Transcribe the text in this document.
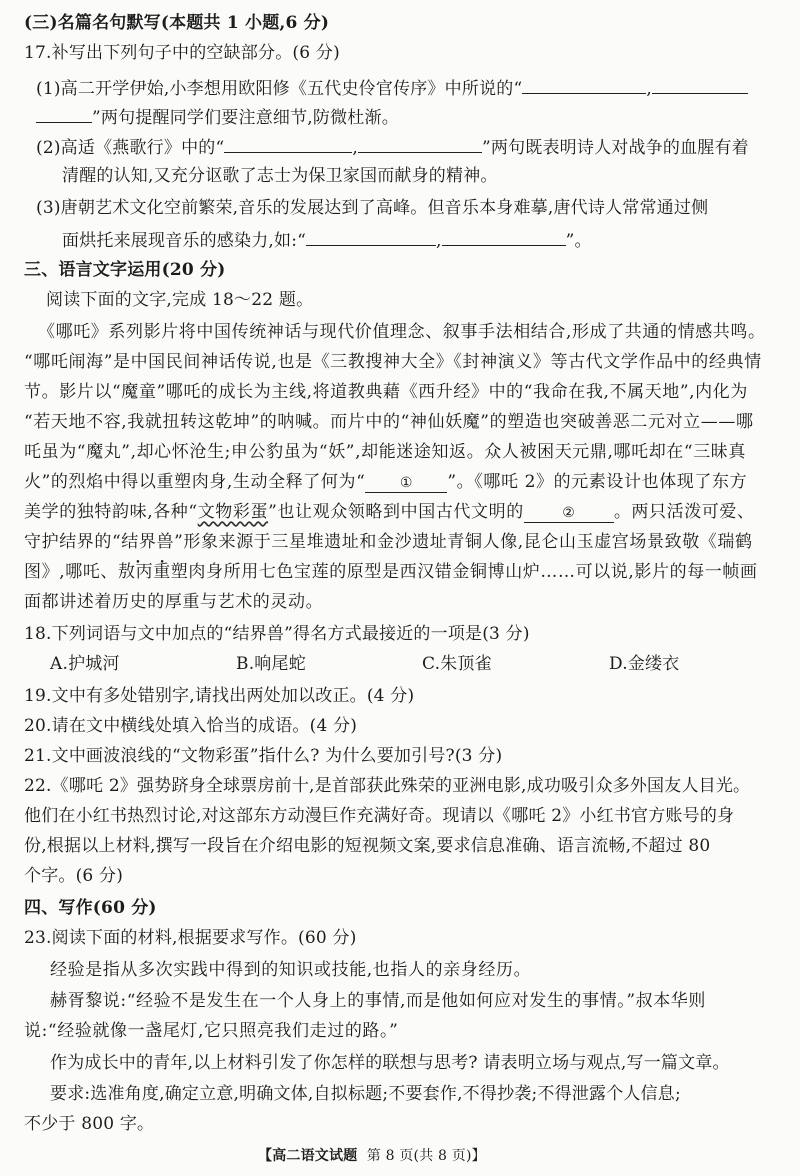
(三)名篇名句默写(本题共 1 小题,6 分)
17.补写出下列句子中的空缺部分。(6 分)
(1)高二开学伊始,小李想用欧阳修《五代史伶官传序》中所说的“	,
”两句提醒同学们要注意细节,防微杜渐。
(2)高适《燕歌行》中的“	,	”两句既表明诗人对战争的血腥有着
清醒的认知,又充分讴歌了志士为保卫家国而献身的精神。
(3)唐朝艺术文化空前繁荣,音乐的发展达到了高峰。但音乐本身难摹,唐代诗人常常通过侧
面烘托来展现音乐的感染力,如:“	,	”。
三、语言文字运用(20 分)
阅读下面的文字,完成 18～22 题。
《哪吒》系列影片将中国传统神话与现代价值理念、叙事手法相结合,形成了共通的情感共鸣。
“哪吒闹海”是中国民间神话传说,也是《三教搜神大全》《封神演义》等古代文学作品中的经典情
节。影片以“魔童”哪吒的成长为主线,将道教典藉《西升经》中的“我命在我,不属天地”,内化为
“若天地不容,我就扭转这乾坤”的呐喊。而片中的“神仙妖魔”的塑造也突破善恶二元对立——哪
吒虽为“魔丸”,却心怀沧生;申公豹虽为“妖”,却能迷途知返。众人被困天元鼎,哪吒却在“三昧真
火”的烈焰中得以重塑肉身,生动全释了何为“ ① ”。《哪吒 2》的元素设计也体现了东方
美学的独特韵味,各种“文物彩蛋”也让观众领略到中国古代文明的	② 。两只活泼可爱、
守护结界的“结界兽 • •”形象来源于三星堆遗址和金沙遗址青铜人像,昆仑山玉虚宫场景致敬《瑞鹤
图》,哪吒、敖丙重塑肉身所用七色宝莲的原型是西汉错金铜博山炉……可以说,影片的每一帧画
面都讲述着历史的厚重与艺术的灵动。
18.下列词语与文中加点的“结界兽”得名方式最接近的一项是(3 分)
A.护城河	B.响尾蛇	C.朱顶雀	D.金缕衣
19.文中有多处错别字,请找出两处加以改正。(4 分)
20.请在文中横线处填入恰当的成语。(4 分)
21.文中画波浪线的“文物彩蛋”指什么? 为什么要加引号?(3 分)
22.《哪吒 2》强势跻身全球票房前十,是首部获此殊荣的亚洲电影,成功吸引众多外国友人目光。
他们在小红书热烈讨论,对这部东方动漫巨作充满好奇。现请以《哪吒 2》小红书官方账号的身
份,根据以上材料,撰写一段旨在介绍电影的短视频文案,要求信息准确、语言流畅,不超过 80
个字。(6 分)
四、写作(60 分)
23.阅读下面的材料,根据要求写作。(60 分)
经验是指从多次实践中得到的知识或技能,也指人的亲身经历。
赫胥黎说:“经验不是发生在一个人身上的事情,而是他如何应对发生的事情。”叔本华则
说:“经验就像一盏尾灯,它只照亮我们走过的路。”
作为成长中的青年,以上材料引发了你怎样的联想与思考? 请表明立场与观点,写一篇文章。
要求:选准角度,确定立意,明确文体,自拟标题;不要套作,不得抄袭;不得泄露个人信息;
不少于 800 字。
【高二语文试题 第 8 页(共 8 页)】
